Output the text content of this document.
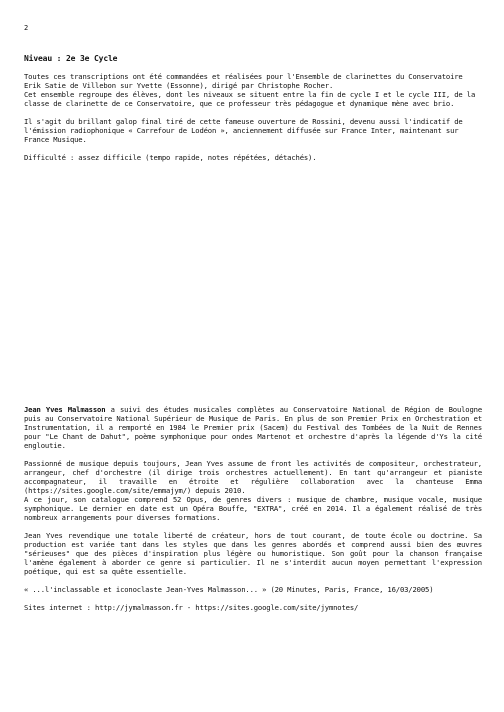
2

Niveau : 2e 3e Cycle

Toutes ces transcriptions ont été commandées et réalisées pour l'Ensemble de clarinettes du Conservatoire Erik Satie de Villebon sur Yvette (Essonne), dirigé par Christophe Rocher.

Cet ensemble regroupe des élèves, dont les niveaux se situent entre la fin de cycle I et le cycle III, de la classe de clarinette de ce Conservatoire, que ce professeur très pédagogue et dynamique mène avec brio.

Il s'agit du brillant galop final tiré de cette fameuse ouverture de Rossini, devenu aussi l'indicatif de l'émission radiophonique « Carrefour de Lodéon », anciennement diffusée sur France Inter, maintenant sur France Musique.

Difficulté : assez difficile (tempo rapide, notes répétées, détachés).

Jean Yves Malmasson a suivi des études musicales complètes au Conservatoire National de Région de Boulogne puis au Conservatoire National Supérieur de Musique de Paris. En plus de son Premier Prix en Orchestration et Instrumentation, il a remporté en 1984 le Premier prix (Sacem) du Festival des Tombées de la Nuit de Rennes pour "Le Chant de Dahut", poème symphonique pour ondes Martenot et orchestre d'après la légende d'Ys la cité engloutie.

Passionné de musique depuis toujours, Jean Yves assume de front les activités de compositeur, orchestrateur, arrangeur, chef d'orchestre (il dirige trois orchestres actuellement). En tant qu'arrangeur et pianiste accompagnateur, il travaille en étroite et régulière collaboration avec la chanteuse Emma (https://sites.google.com/site/emmajym/) depuis 2010.

A ce jour, son catalogue comprend 52 Opus, de genres divers : musique de chambre, musique vocale, musique symphonique. Le dernier en date est un Opéra Bouffe, "EXTRA", créé en 2014. Il a également réalisé de très nombreux arrangements pour diverses formations.

Jean Yves revendique une totale liberté de créateur, hors de tout courant, de toute école ou doctrine. Sa production est variée tant dans les styles que dans les genres abordés et comprend aussi bien des œuvres "sérieuses" que des pièces d'inspiration plus légère ou humoristique. Son goût pour la chanson française l'amène également à aborder ce genre si particulier. Il ne s'interdit aucun moyen permettant l'expression poétique, qui est sa quête essentielle.

« ...l'inclassable et iconoclaste Jean-Yves Malmasson... » (20 Minutes, Paris, France, 16/03/2005)

Sites internet : http://jymalmasson.fr - https://sites.google.com/site/jymnotes/
